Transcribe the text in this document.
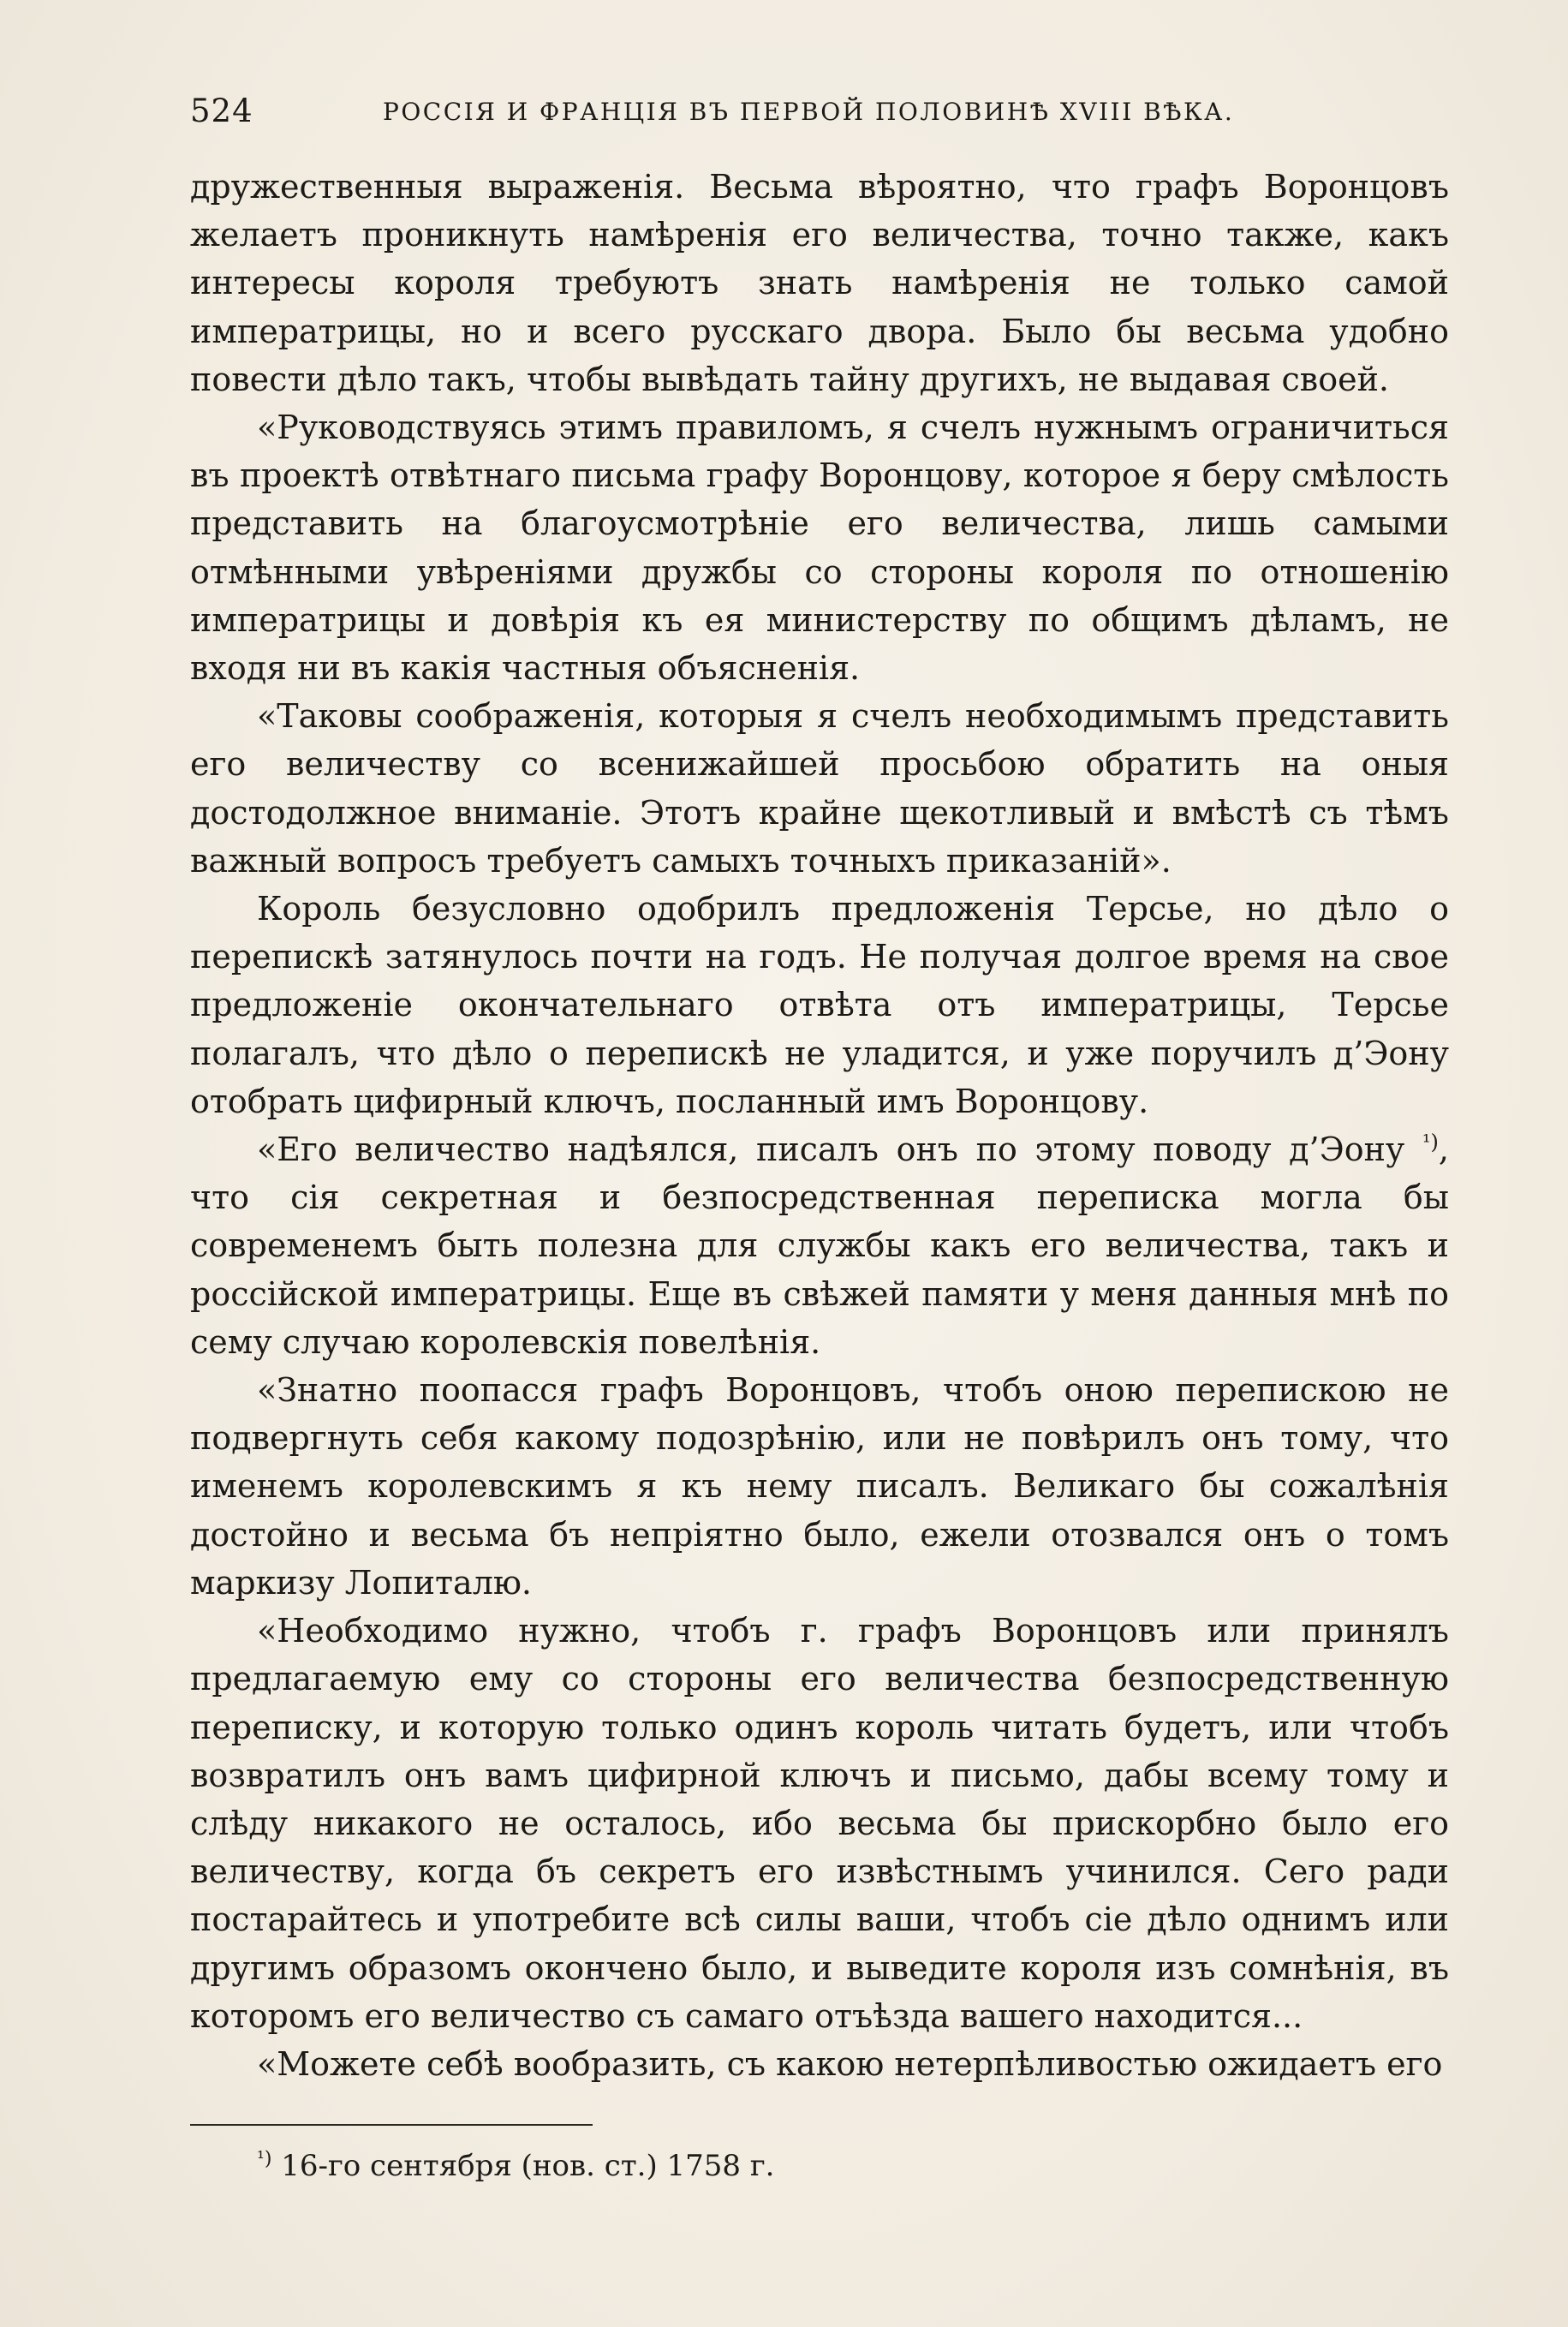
524	РОССІЯ И ФРАНЦІЯ ВЪ ПЕРВОЙ ПОЛОВИНѢ XVIII ВѢКА.

дружественныя выраженія. Весьма вѣроятно, что графъ Воронцовъ желаетъ проникнуть намѣренія его величества, точно также, какъ интересы короля требуютъ знать намѣренія не только самой императрицы, но и всего русскаго двора. Было бы весьма удобно повести дѣло такъ, чтобы вывѣдать тайну другихъ, не выдавая своей.

«Руководствуясь этимъ правиломъ, я счелъ нужнымъ ограничиться въ проектѣ отвѣтнаго письма графу Воронцову, которое я беру смѣлость представить на благоусмотрѣніе его величества, лишь самыми отмѣнными увѣреніями дружбы со стороны короля по отношенію императрицы и довѣрія къ ея министерству по общимъ дѣламъ, не входя ни въ какія частныя объясненія.

«Таковы соображенія, которыя я счелъ необходимымъ представить его величеству со всенижайшей просьбою обратить на оныя достодолжное вниманіе. Этотъ крайне щекотливый и вмѣстѣ съ тѣмъ важный вопросъ требуетъ самыхъ точныхъ приказаній».

Король безусловно одобрилъ предложенія Терсье, но дѣло о перепискѣ затянулось почти на годъ. Не получая долгое время на свое предложеніе окончательнаго отвѣта отъ императрицы, Терсье полагалъ, что дѣло о перепискѣ не уладится, и уже поручилъ д’Эону отобрать цифирный ключъ, посланный имъ Воронцову.

«Его величество надѣялся, писалъ онъ по этому поводу д’Эону $^{^1)}$, что сія секретная и безпосредственная переписка могла бы современемъ быть полезна для службы какъ его величества, такъ и россійской императрицы. Еще въ свѣжей памяти у меня данныя мнѣ по сему случаю королевскія повелѣнія.

«Знатно поопасся графъ Воронцовъ, чтобъ оною перепискою не подвергнуть себя какому подозрѣнію, или не повѣрилъ онъ тому, что именемъ королевскимъ я къ нему писалъ. Великаго бы сожалѣнія достойно и весьма бъ непріятно было, ежели отозвался онъ о томъ маркизу Лопиталю.

«Необходимо нужно, чтобъ г. графъ Воронцовъ или принялъ предлагаемую ему со стороны его величества безпосредственную переписку, и которую только одинъ король читать будетъ, или чтобъ возвратилъ онъ вамъ цифирной ключъ и письмо, дабы всему тому и слѣду никакого не осталось, ибо весьма бы прискорбно было его величеству, когда бъ секретъ его извѣстнымъ учинился. Сего ради постарайтесь и употребите всѣ силы ваши, чтобъ сіе дѣло однимъ или другимъ образомъ окончено было, и выведите короля изъ сомнѣнія, въ которомъ его величество съ самаго отъѣзда вашего находится...

«Можете себѣ вообразить, съ какою нетерпѣливостью ожидаетъ его

$^{^1)}$ 16-го сентября (нов. ст.) 1758 г.
